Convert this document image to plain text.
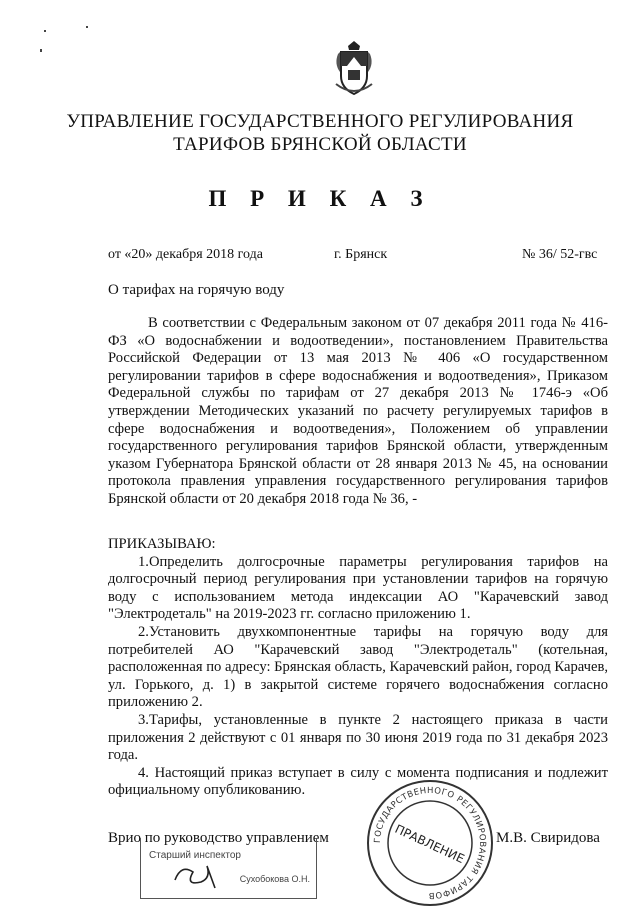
УПРАВЛЕНИЕ ГОСУДАРСТВЕННОГО РЕГУЛИРОВАНИЯ
ТАРИФОВ БРЯНСКОЙ ОБЛАСТИ
П Р И К А З
от «20» декабря 2018 года	г. Брянск	№ 36/ 52-гвс
О тарифах на горячую воду
В соответствии с Федеральным законом от 07 декабря 2011 года № 416-ФЗ «О водоснабжении и водоотведении», постановлением Правительства Российской Федерации от 13 мая 2013 № 406 «О государственном регулировании тарифов в сфере водоснабжения и водоотведения», Приказом Федеральной службы по тарифам от 27 декабря 2013 № 1746-э «Об утверждении Методических указаний по расчету регулируемых тарифов в сфере водоснабжения и водоотведения», Положением об управлении государственного регулирования тарифов Брянской области, утвержденным указом Губернатора Брянской области от 28 января 2013 № 45, на основании протокола правления управления государственного регулирования тарифов Брянской области от 20 декабря 2018 года № 36, -
ПРИКАЗЫВАЮ:
1.Определить долгосрочные параметры регулирования тарифов на долгосрочный период регулирования при установлении тарифов на горячую воду с использованием метода индексации АО "Карачевский завод "Электродеталь" на 2019-2023 гг. согласно приложению 1.
2.Установить двухкомпонентные тарифы на горячую воду для потребителей АО "Карачевский завод "Электродеталь" (котельная, расположенная по адресу: Брянская область, Карачевский район, город Карачев, ул. Горького, д. 1) в закрытой системе горячего водоснабжения согласно приложению 2.
3.Тарифы, установленные в пункте 2 настоящего приказа в части приложения 2 действуют с 01 января по 30 июня 2019 года по 31 декабря 2023 года.
4. Настоящий приказ вступает в силу с момента подписания и подлежит официальному опубликованию.
Врио по руководство управлением	М.В. Свиридова
ГОСУДАРСТВЕННОГО РЕГУЛИРОВАНИЯ ТАРИФОВ
ПРАВЛЕНИЕ
Старший инспектор
Сухобокова О.Н.
